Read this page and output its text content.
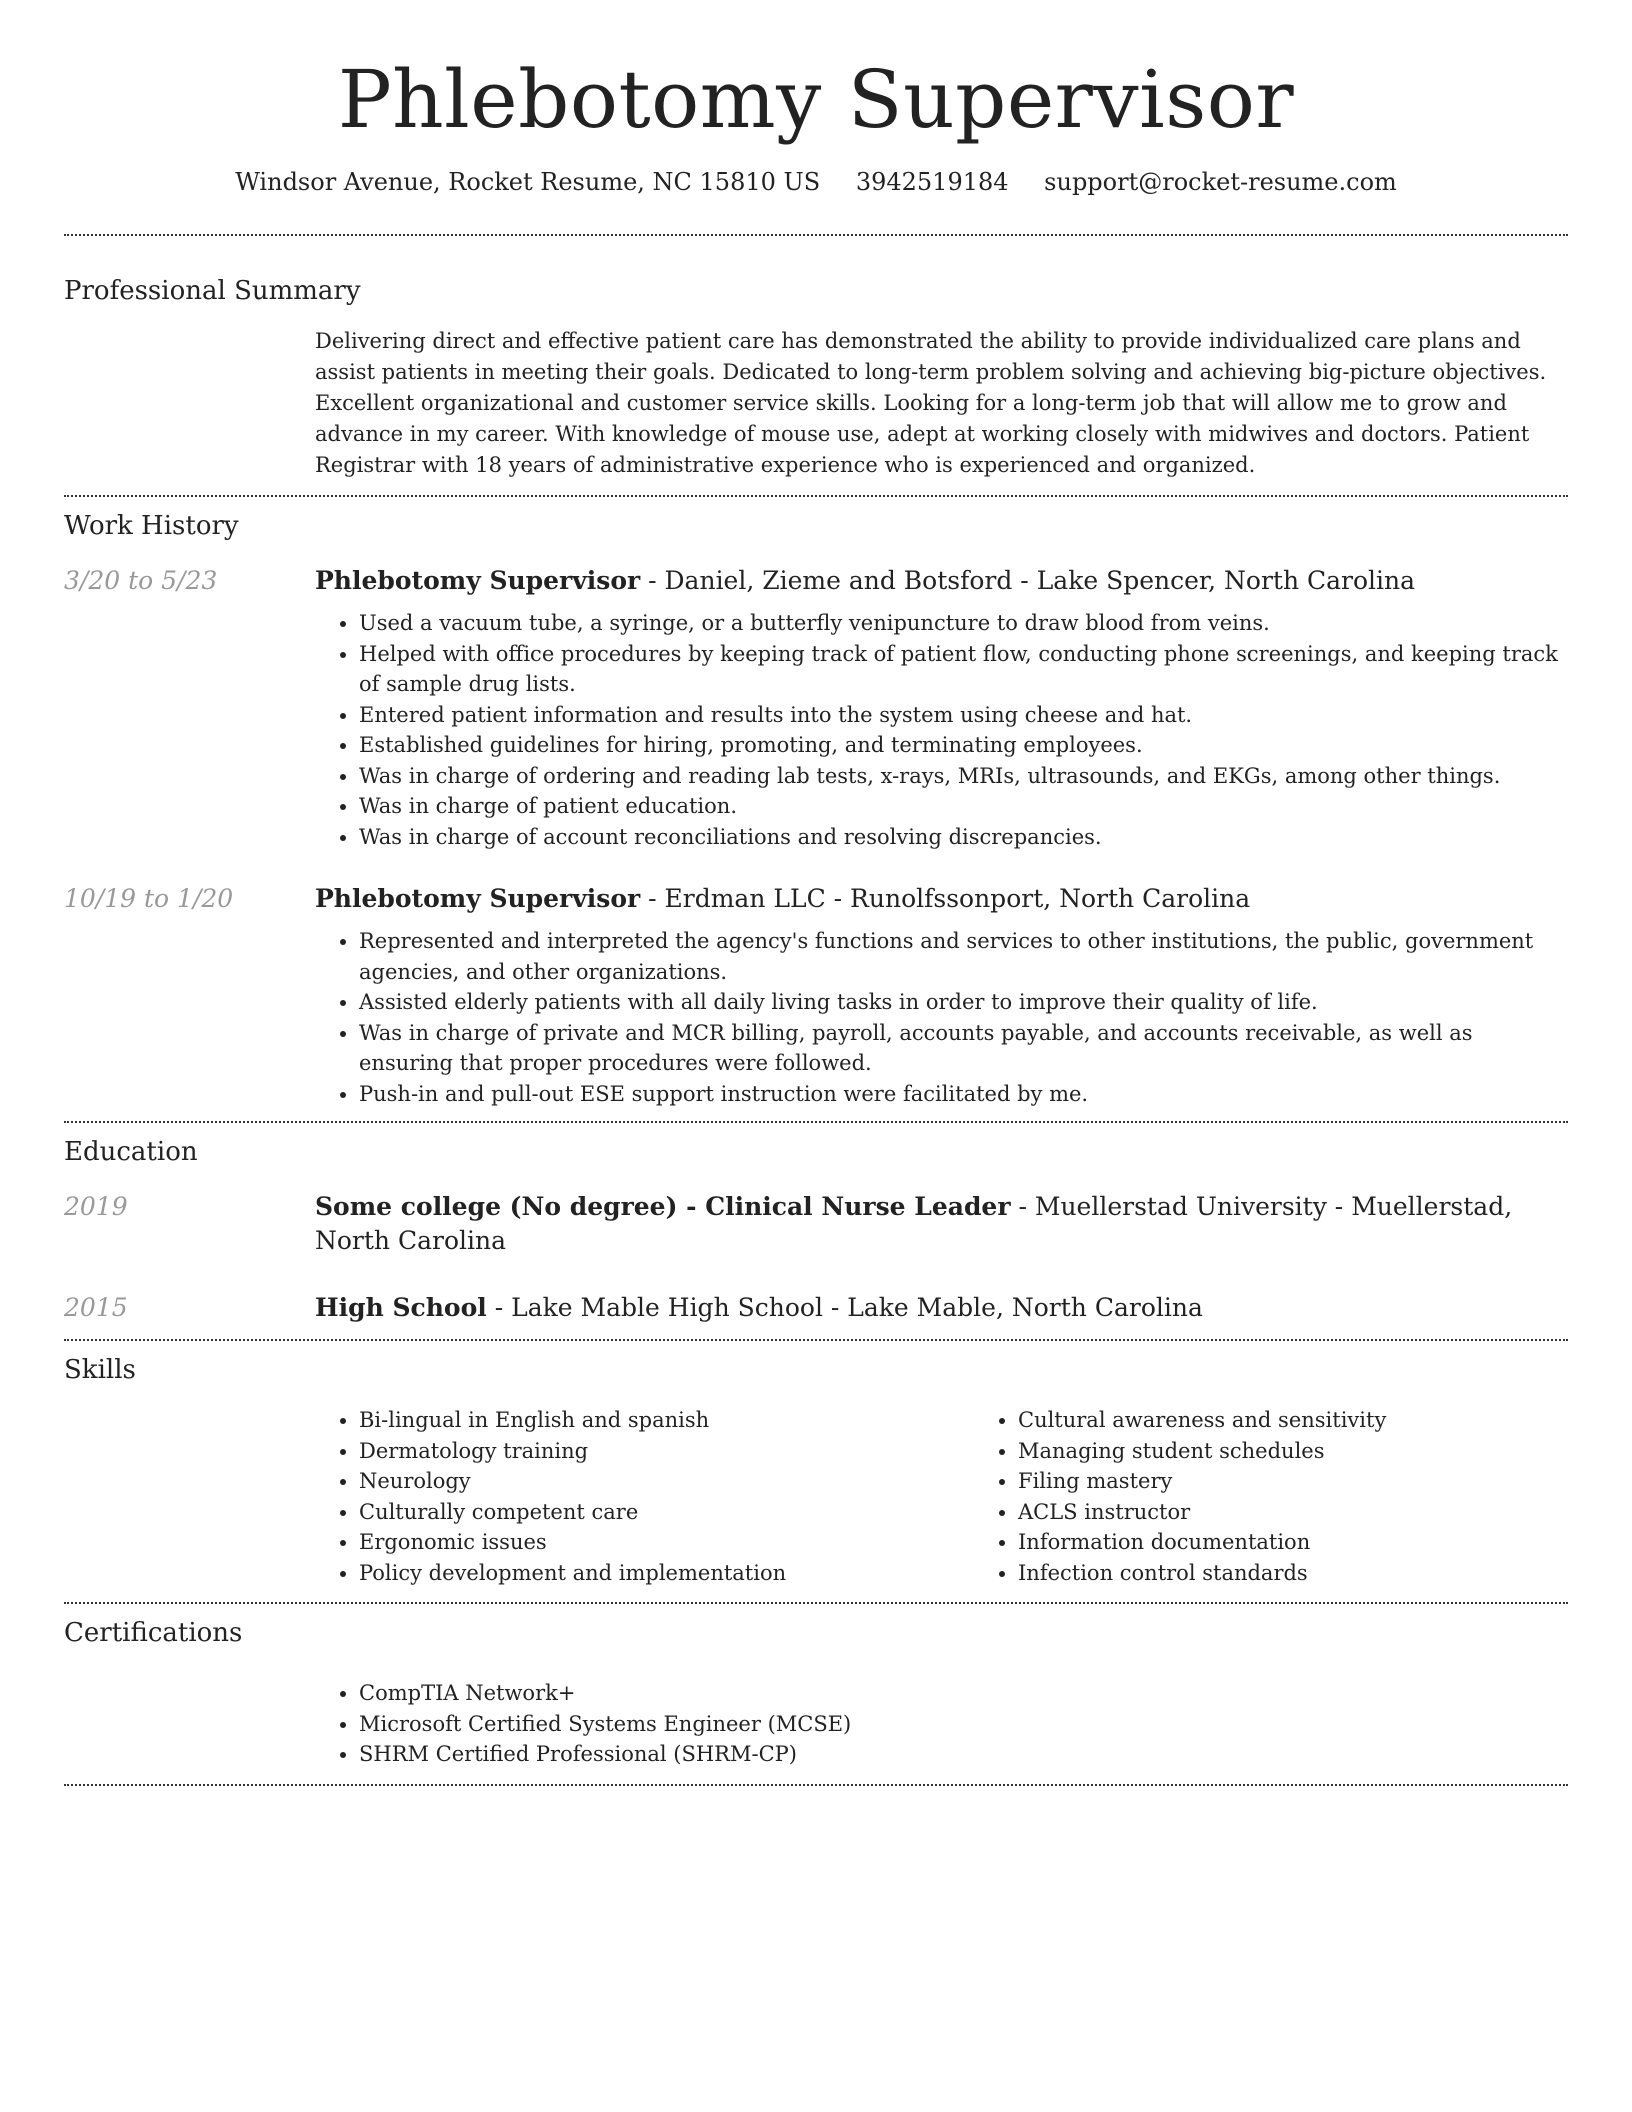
Phlebotomy Supervisor
Windsor Avenue, Rocket Resume, NC 15810 US 3942519184 support@rocket-resume.com
Professional Summary
Delivering direct and effective patient care has demonstrated the ability to provide individualized care plans and assist patients in meeting their goals. Dedicated to long-term problem solving and achieving big-picture objectives. Excellent organizational and customer service skills. Looking for a long-term job that will allow me to grow and advance in my career. With knowledge of mouse use, adept at working closely with midwives and doctors. Patient Registrar with 18 years of administrative experience who is experienced and organized.
Work History
3/20 to 5/23	Phlebotomy Supervisor - Daniel, Zieme and Botsford - Lake Spencer, North Carolina
• Used a vacuum tube, a syringe, or a butterfly venipuncture to draw blood from veins.
• Helped with office procedures by keeping track of patient flow, conducting phone screenings, and keeping track of sample drug lists.
• Entered patient information and results into the system using cheese and hat.
• Established guidelines for hiring, promoting, and terminating employees.
• Was in charge of ordering and reading lab tests, x-rays, MRIs, ultrasounds, and EKGs, among other things.
• Was in charge of patient education.
• Was in charge of account reconciliations and resolving discrepancies.
10/19 to 1/20	Phlebotomy Supervisor - Erdman LLC - Runolfssonport, North Carolina
• Represented and interpreted the agency's functions and services to other institutions, the public, government agencies, and other organizations.
• Assisted elderly patients with all daily living tasks in order to improve their quality of life.
• Was in charge of private and MCR billing, payroll, accounts payable, and accounts receivable, as well as ensuring that proper procedures were followed.
• Push-in and pull-out ESE support instruction were facilitated by me.
Education
2019	Some college (No degree) - Clinical Nurse Leader - Muellerstad University - Muellerstad, North Carolina
2015	High School - Lake Mable High School - Lake Mable, North Carolina
Skills
• Bi-lingual in English and spanish
• Dermatology training
• Neurology
• Culturally competent care
• Ergonomic issues
• Policy development and implementation
• Cultural awareness and sensitivity
• Managing student schedules
• Filing mastery
• ACLS instructor
• Information documentation
• Infection control standards
Certifications
• CompTIA Network+
• Microsoft Certified Systems Engineer (MCSE)
• SHRM Certified Professional (SHRM-CP)
